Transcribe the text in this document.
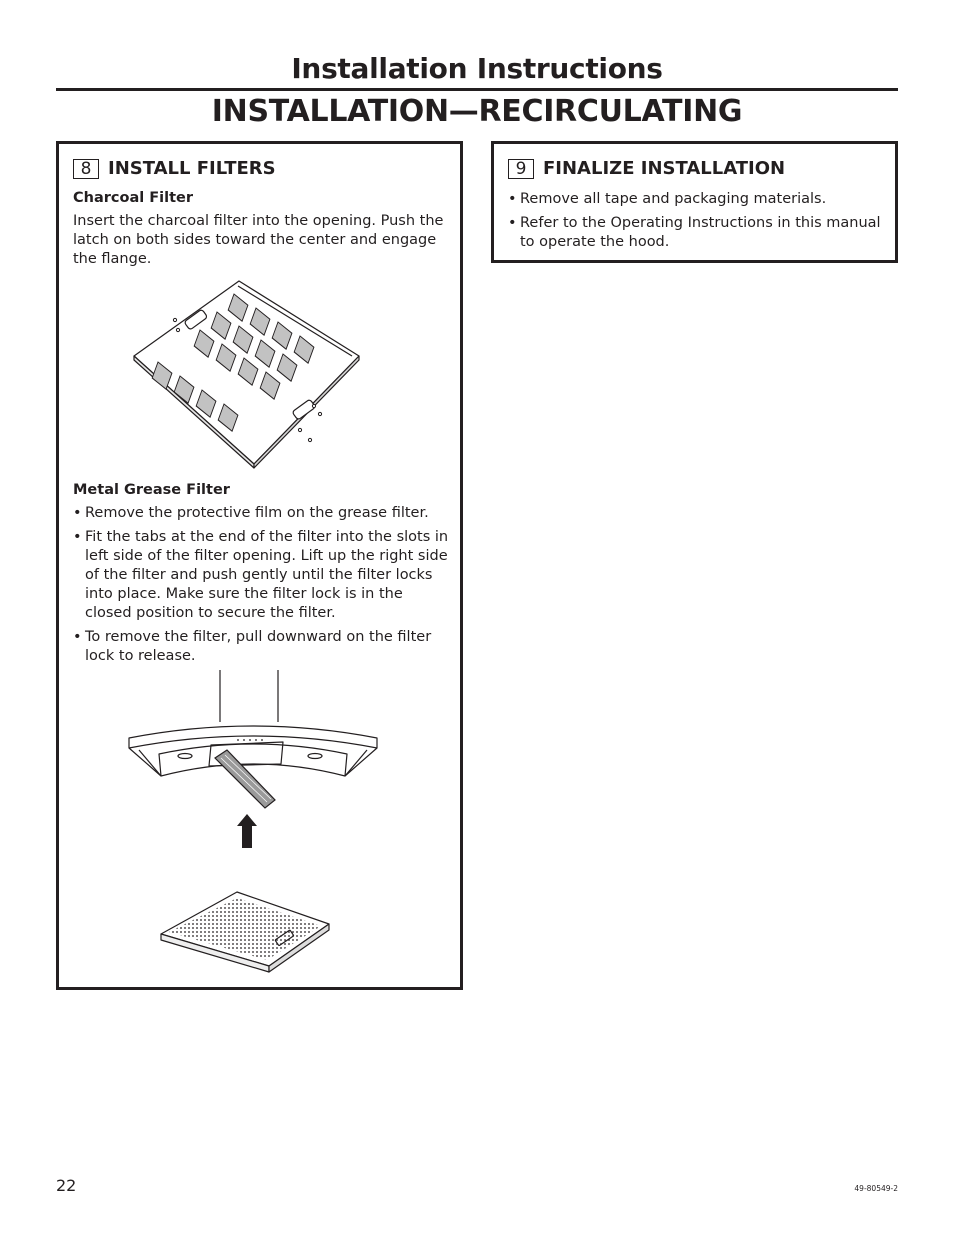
Installation Instructions
INSTALLATION—RECIRCULATING
8 INSTALL FILTERS
Charcoal Filter
Insert the charcoal filter into the opening. Push the latch on both sides toward the center and engage the flange.
Metal Grease Filter
• Remove the protective film on the grease filter.
• Fit the tabs at the end of the filter into the slots in left side of the filter opening. Lift up the right side of the filter and push gently until the filter locks into place. Make sure the filter lock is in the closed position to secure the filter.
• To remove the filter, pull downward on the filter lock to release.
9 FINALIZE INSTALLATION
• Remove all tape and packaging materials.
• Refer to the Operating Instructions in this manual to operate the hood.
22	49-80549-2
